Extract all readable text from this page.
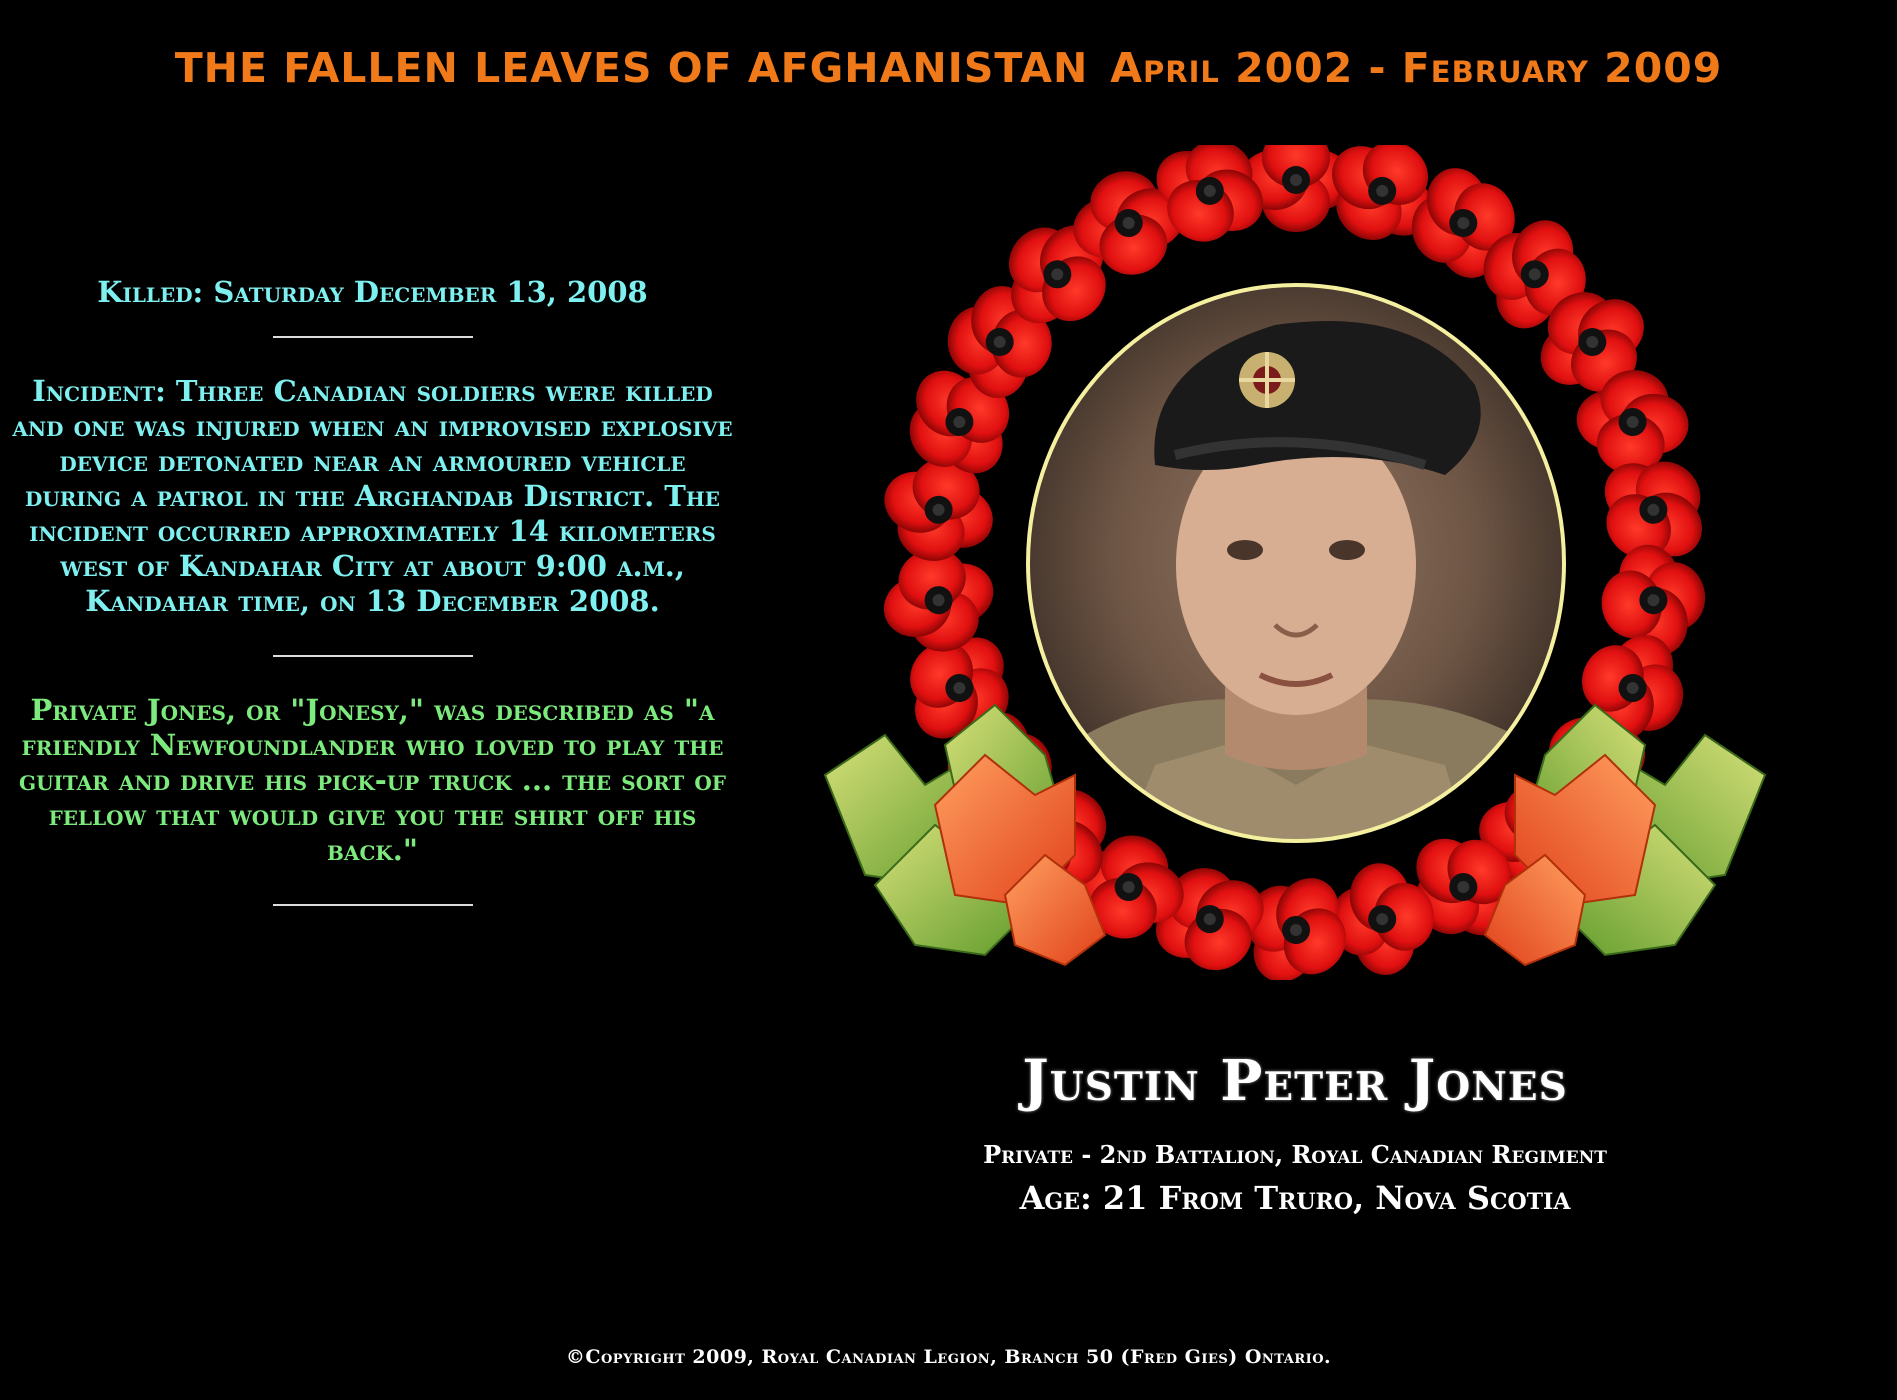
THE FALLEN LEAVES OF AFGHANISTAN April 2002 - February 2009
Killed: Saturday December 13, 2008
Incident: Three Canadian soldiers were killed and one was injured when an improvised explosive device detonated near an armoured vehicle during a patrol in the Arghandab District. The incident occurred approximately 14 kilometers west of Kandahar City at about 9:00 a.m., Kandahar time, on 13 December 2008.
Private Jones, or "Jonesy," was described as "a friendly Newfoundlander who loved to play the guitar and drive his pick-up truck ... the sort of fellow that would give you the shirt off his back."
Justin Peter Jones
Private - 2nd Battalion, Royal Canadian Regiment
Age: 21 From Truro, Nova Scotia
©Copyright 2009, Royal Canadian Legion, Branch 50 (Fred Gies) Ontario.
